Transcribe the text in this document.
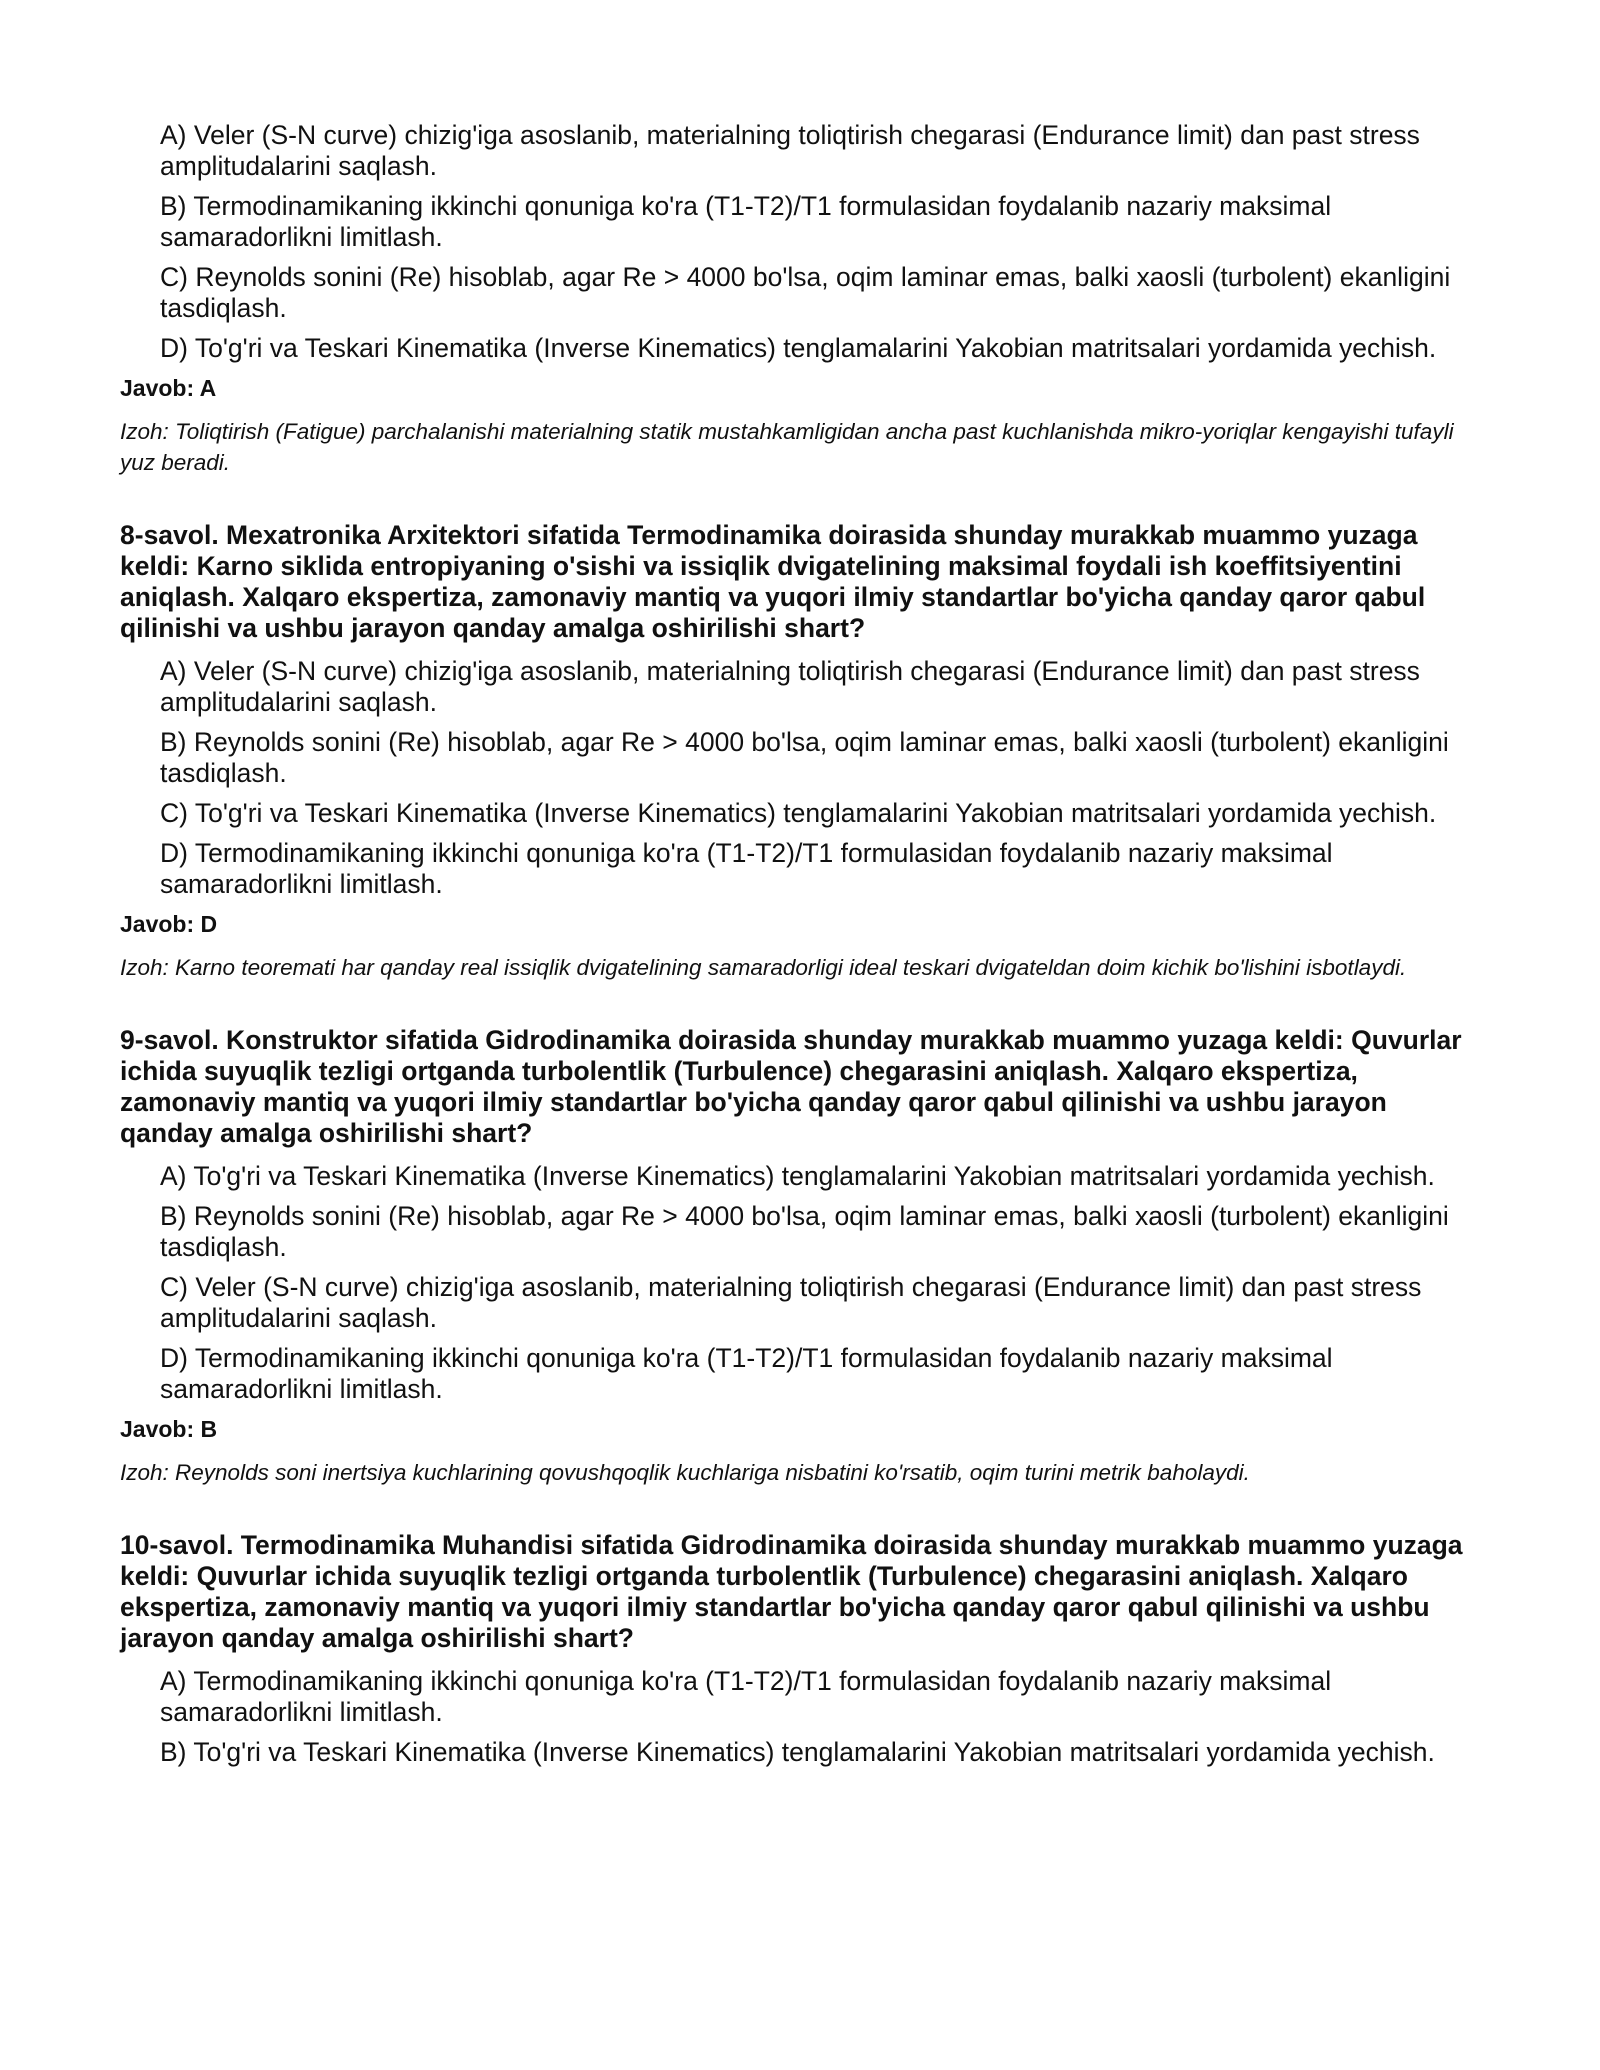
A) Veler (S-N curve) chizig'iga asoslanib, materialning toliqtirish chegarasi (Endurance limit) dan past stress amplitudalarini saqlash.

B) Termodinamikaning ikkinchi qonuniga ko'ra (T1-T2)/T1 formulasidan foydalanib nazariy maksimal samaradorlikni limitlash.

C) Reynolds sonini (Re) hisoblab, agar Re > 4000 bo'lsa, oqim laminar emas, balki xaosli (turbolent) ekanligini tasdiqlash.

D) To'g'ri va Teskari Kinematika (Inverse Kinematics) tenglamalarini Yakobian matritsalari yordamida yechish.

Javob: A

Izoh: Toliqtirish (Fatigue) parchalanishi materialning statik mustahkamligidan ancha past kuchlanishda mikro-yoriqlar kengayishi tufayli yuz beradi.

8-savol. Mexatronika Arxitektori sifatida Termodinamika doirasida shunday murakkab muammo yuzaga keldi: Karno siklida entropiyaning o'sishi va issiqlik dvigatelining maksimal foydali ish koeffitsiyentini aniqlash. Xalqaro ekspertiza, zamonaviy mantiq va yuqori ilmiy standartlar bo'yicha qanday qaror qabul qilinishi va ushbu jarayon qanday amalga oshirilishi shart?

A) Veler (S-N curve) chizig'iga asoslanib, materialning toliqtirish chegarasi (Endurance limit) dan past stress amplitudalarini saqlash.

B) Reynolds sonini (Re) hisoblab, agar Re > 4000 bo'lsa, oqim laminar emas, balki xaosli (turbolent) ekanligini tasdiqlash.

C) To'g'ri va Teskari Kinematika (Inverse Kinematics) tenglamalarini Yakobian matritsalari yordamida yechish.

D) Termodinamikaning ikkinchi qonuniga ko'ra (T1-T2)/T1 formulasidan foydalanib nazariy maksimal samaradorlikni limitlash.

Javob: D

Izoh: Karno teoremati har qanday real issiqlik dvigatelining samaradorligi ideal teskari dvigateldan doim kichik bo'lishini isbotlaydi.

9-savol. Konstruktor sifatida Gidrodinamika doirasida shunday murakkab muammo yuzaga keldi: Quvurlar ichida suyuqlik tezligi ortganda turbolentlik (Turbulence) chegarasini aniqlash. Xalqaro ekspertiza, zamonaviy mantiq va yuqori ilmiy standartlar bo'yicha qanday qaror qabul qilinishi va ushbu jarayon qanday amalga oshirilishi shart?

A) To'g'ri va Teskari Kinematika (Inverse Kinematics) tenglamalarini Yakobian matritsalari yordamida yechish.

B) Reynolds sonini (Re) hisoblab, agar Re > 4000 bo'lsa, oqim laminar emas, balki xaosli (turbolent) ekanligini tasdiqlash.

C) Veler (S-N curve) chizig'iga asoslanib, materialning toliqtirish chegarasi (Endurance limit) dan past stress amplitudalarini saqlash.

D) Termodinamikaning ikkinchi qonuniga ko'ra (T1-T2)/T1 formulasidan foydalanib nazariy maksimal samaradorlikni limitlash.

Javob: B

Izoh: Reynolds soni inertsiya kuchlarining qovushqoqlik kuchlariga nisbatini ko'rsatib, oqim turini metrik baholaydi.

10-savol. Termodinamika Muhandisi sifatida Gidrodinamika doirasida shunday murakkab muammo yuzaga keldi: Quvurlar ichida suyuqlik tezligi ortganda turbolentlik (Turbulence) chegarasini aniqlash. Xalqaro ekspertiza, zamonaviy mantiq va yuqori ilmiy standartlar bo'yicha qanday qaror qabul qilinishi va ushbu jarayon qanday amalga oshirilishi shart?

A) Termodinamikaning ikkinchi qonuniga ko'ra (T1-T2)/T1 formulasidan foydalanib nazariy maksimal samaradorlikni limitlash.

B) To'g'ri va Teskari Kinematika (Inverse Kinematics) tenglamalarini Yakobian matritsalari yordamida yechish.
